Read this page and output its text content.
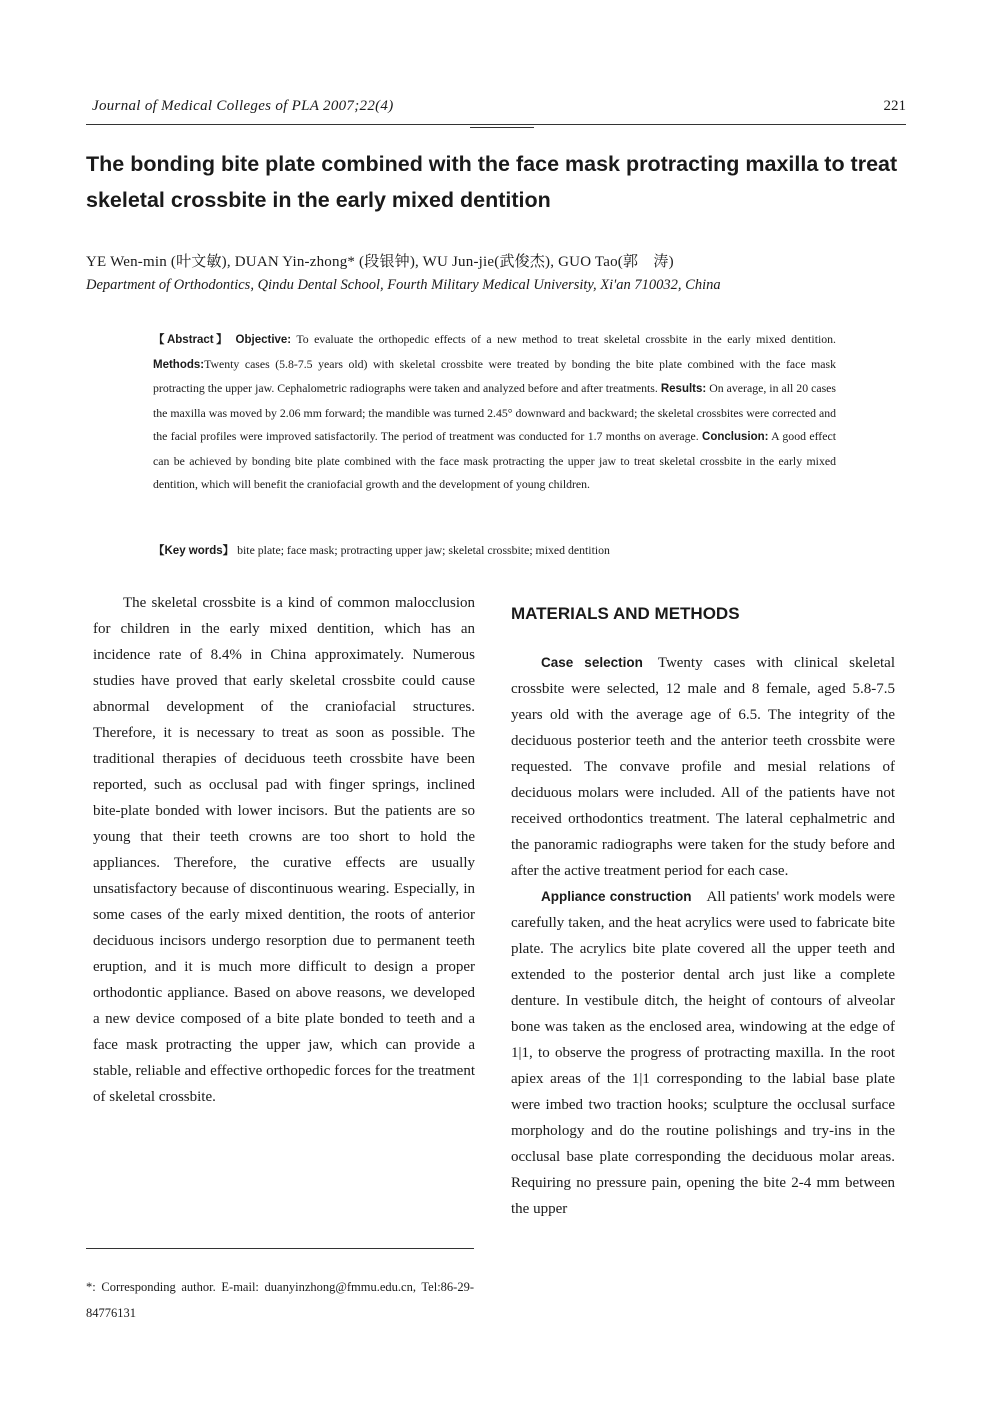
Journal of Medical Colleges of PLA 2007;22(4)	221
The bonding bite plate combined with the face mask protracting maxilla to treat skeletal crossbite in the early mixed dentition
YE Wen-min (叶文敏), DUAN Yin-zhong* (段银钟), WU Jun-jie(武俊杰), GUO Tao(郭　涛)
Department of Orthodontics, Qindu Dental School, Fourth Military Medical University, Xi'an 710032, China
【Abstract】 Objective: To evaluate the orthopedic effects of a new method to treat skeletal crossbite in the early mixed dentition. Methods:Twenty cases (5.8-7.5 years old) with skeletal crossbite were treated by bonding the bite plate combined with the face mask protracting the upper jaw. Cephalometric radiographs were taken and analyzed before and after treatments. Results: On average, in all 20 cases the maxilla was moved by 2.06 mm forward; the mandible was turned 2.45° downward and backward; the skeletal crossbites were corrected and the facial profiles were improved satisfactorily. The period of treatment was conducted for 1.7 months on average. Conclusion: A good effect can be achieved by bonding bite plate combined with the face mask protracting the upper jaw to treat skeletal crossbite in the early mixed dentition, which will benefit the craniofacial growth and the development of young children.
【Key words】 bite plate; face mask; protracting upper jaw; skeletal crossbite; mixed dentition

The skeletal crossbite is a kind of common malocclusion for children in the early mixed dentition, which has an incidence rate of 8.4% in China approximately. Numerous studies have proved that early skeletal crossbite could cause abnormal development of the craniofacial structures. Therefore, it is necessary to treat as soon as possible. The traditional therapies of deciduous teeth crossbite have been reported, such as occlusal pad with finger springs, inclined bite-plate bonded with lower incisors. But the patients are so young that their teeth crowns are too short to hold the appliances. Therefore, the curative effects are usually unsatisfactory because of discontinuous wearing. Especially, in some cases of the early mixed dentition, the roots of anterior deciduous incisors undergo resorption due to permanent teeth eruption, and it is much more difficult to design a proper orthodontic appliance. Based on above reasons, we developed a new device composed of a bite plate bonded to teeth and a face mask protracting the upper jaw, which can provide a stable, reliable and effective orthopedic forces for the treatment of skeletal crossbite.

MATERIALS AND METHODS

Case selection  Twenty cases with clinical skeletal crossbite were selected, 12 male and 8 female, aged 5.8-7.5 years old with the average age of 6.5. The integrity of the deciduous posterior teeth and the anterior teeth crossbite were requested. The convave profile and mesial relations of deciduous molars were included. All of the patients have not received orthodontics treatment. The lateral cephalmetric and the panoramic radiographs were taken for the study before and after the active treatment period for each case.

Appliance construction  All patients' work models were carefully taken, and the heat acrylics were used to fabricate bite plate. The acrylics bite plate covered all the upper teeth and extended to the posterior dental arch just like a complete denture. In vestibule ditch, the height of contours of alveolar bone was taken as the enclosed area, windowing at the edge of 1|1, to observe the progress of protracting maxilla. In the root apiex areas of the 1|1 corresponding to the labial base plate were imbed two traction hooks; sculpture the occlusal surface morphology and do the routine polishings and try-ins in the occlusal base plate corresponding the deciduous molar areas. Requiring no pressure pain, opening the bite 2-4 mm between the upper

*: Corresponding author. E-mail: duanyinzhong@fmmu.edu.cn, Tel:86-29-84776131
